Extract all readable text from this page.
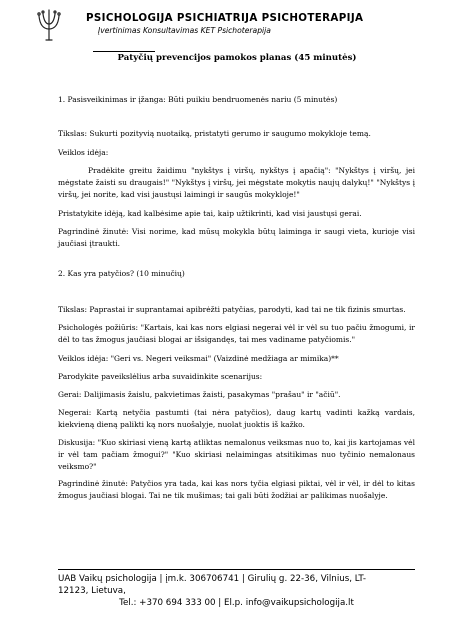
PSICHOLOGIJA PSICHIATRIJA PSICHOTERAPIJA
Įvertinimas Konsultavimas KET Psichoterapija
Patyčių prevencijos pamokos planas (45 minutės)

1. Pasisveikinimas ir įžanga: Būti puikiu bendruomenės nariu (5 minutės)

Tikslas: Sukurti pozityvią nuotaiką, pristatyti gerumo ir saugumo mokykloje temą.

Veiklos idėja:

Pradėkite greitu žaidimu "nykštys į viršų, nykštys į apačią": "Nykštys į viršų, jei mėgstate žaisti su draugais!" "Nykštys į viršų, jei mėgstate mokytis naujų dalykų!" "Nykštys į viršų, jei norite, kad visi jaustųsi laimingi ir saugūs mokykloje!"

Pristatykite idėją, kad kalbėsime apie tai, kaip užtikrinti, kad visi jaustųsi gerai.

Pagrindinė žinutė: Visi norime, kad mūsų mokykla būtų laiminga ir saugi vieta, kurioje visi jaučiasi įtraukti.

2. Kas yra patyčios? (10 minučių)

Tikslas: Paprastai ir suprantamai apibrėžti patyčias, parodyti, kad tai ne tik fizinis smurtas.

Psichologės požiūris: "Kartais, kai kas nors elgiasi negerai vėl ir vėl su tuo pačiu žmogumi, ir dėl to tas žmogus jaučiasi blogai ar išsigandęs, tai mes vadiname patyčiomis."

Veiklos idėja: "Geri vs. Negeri veiksmai" (Vaizdinė medžiaga ar mimika)**

Parodykite paveikslėlius arba suvaidinkite scenarijus:

Gerai: Dalijimasis žaislu, pakvietimas žaisti, pasakymas "prašau" ir "ačiū".

Negerai: Kartą netyčia pastumti (tai nėra patyčios), daug kartų vadinti kažką vardais, kiekvieną dieną palikti ką nors nuošalyje, nuolat juoktis iš kažko.

Diskusija: "Kuo skiriasi vieną kartą atliktas nemalonus veiksmas nuo to, kai jis kartojamas vėl ir vėl tam pačiam žmogui?" "Kuo skiriasi nelaimingas atsitikimas nuo tyčinio nemalonaus veiksmo?"

Pagrindinė žinutė: Patyčios yra tada, kai kas nors tyčia elgiasi piktai, vėl ir vėl, ir dėl to kitas žmogus jaučiasi blogai. Tai ne tik mušimas; tai gali būti žodžiai ar palikimas nuošalyje.

UAB Vaikų psichologija | įm.k. 306706741 | Girulių g. 22-36, Vilnius, LT-
12123, Lietuva,
Tel.: +370 694 333 00 | El.p. info@vaikupsichologija.lt
